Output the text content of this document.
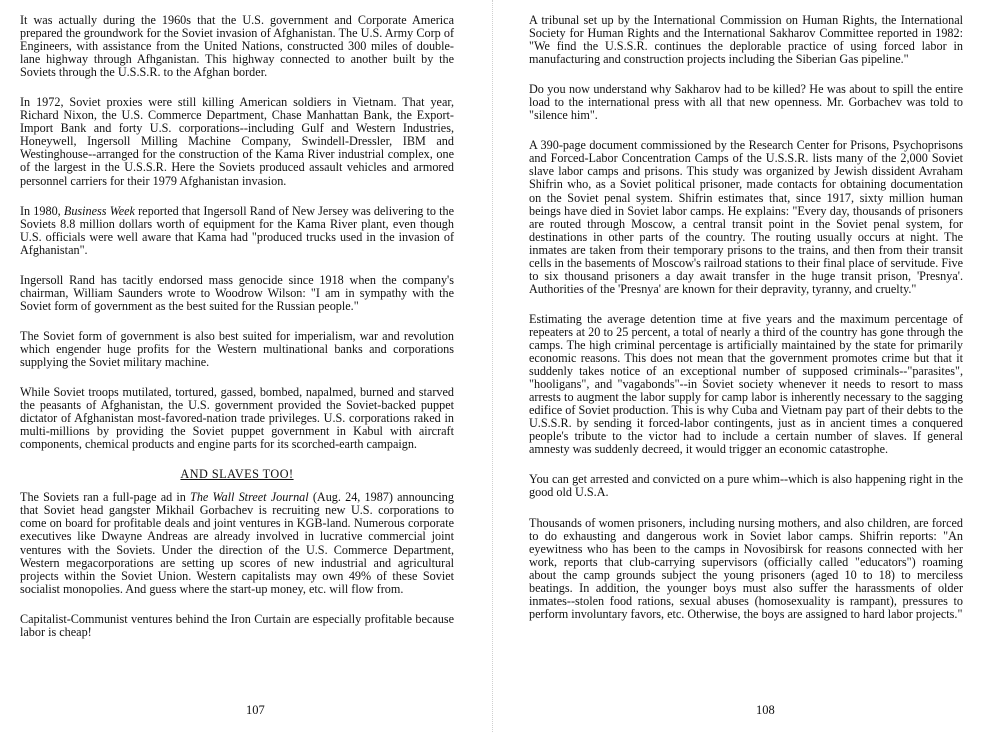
It was actually during the 1960s that the U.S. government and Corporate America prepared the groundwork for the Soviet invasion of Afghanistan. The U.S. Army Corp of Engineers, with assistance from the United Nations, constructed 300 miles of double-lane highway through Afhganistan. This highway connected to another built by the Soviets through the U.S.S.R. to the Afghan border.

In 1972, Soviet proxies were still killing American soldiers in Vietnam. That year, Richard Nixon, the U.S. Commerce Department, Chase Manhattan Bank, the Export-Import Bank and forty U.S. corporations--including Gulf and Western Industries, Honeywell, Ingersoll Milling Machine Company, Swindell-Dressler, IBM and Westinghouse--arranged for the construction of the Kama River industrial complex, one of the largest in the U.S.S.R. Here the Soviets produced assault vehicles and armored personnel carriers for their 1979 Afghanistan invasion.

In 1980, Business Week reported that Ingersoll Rand of New Jersey was delivering to the Soviets 8.8 million dollars worth of equipment for the Kama River plant, even though U.S. officials were well aware that Kama had "produced trucks used in the invasion of Afghanistan".

Ingersoll Rand has tacitly endorsed mass genocide since 1918 when the company's chairman, William Saunders wrote to Woodrow Wilson: "I am in sympathy with the Soviet form of government as the best suited for the Russian people."

The Soviet form of government is also best suited for imperialism, war and revolution which engender huge profits for the Western multinational banks and corporations supplying the Soviet military machine.

While Soviet troops mutilated, tortured, gassed, bombed, napalmed, burned and starved the peasants of Afghanistan, the U.S. government provided the Soviet-backed puppet dictator of Afghanistan most-favored-nation trade privileges. U.S. corporations raked in multi-millions by providing the Soviet puppet government in Kabul with aircraft components, chemical products and engine parts for its scorched-earth campaign.

AND SLAVES TOO!

The Soviets ran a full-page ad in The Wall Street Journal (Aug. 24, 1987) announcing that Soviet head gangster Mikhail Gorbachev is recruiting new U.S. corporations to come on board for profitable deals and joint ventures in KGB-land. Numerous corporate executives like Dwayne Andreas are already involved in lucrative commercial joint ventures with the Soviets. Under the direction of the U.S. Commerce Department, Western megacorporations are setting up scores of new industrial and agricultural projects within the Soviet Union. Western capitalists may own 49% of these Soviet socialist monopolies. And guess where the start-up money, etc. will flow from.

Capitalist-Communist ventures behind the Iron Curtain are especially profitable because labor is cheap!

107

A tribunal set up by the International Commission on Human Rights, the International Society for Human Rights and the International Sakharov Committee reported in 1982: "We find the U.S.S.R. continues the deplorable practice of using forced labor in manufacturing and construction projects including the Siberian Gas pipeline."

Do you now understand why Sakharov had to be killed? He was about to spill the entire load to the international press with all that new openness. Mr. Gorbachev was told to "silence him".

A 390-page document commissioned by the Research Center for Prisons, Psychoprisons and Forced-Labor Concentration Camps of the U.S.S.R. lists many of the 2,000 Soviet slave labor camps and prisons. This study was organized by Jewish dissident Avraham Shifrin who, as a Soviet political prisoner, made contacts for obtaining documentation on the Soviet penal system. Shifrin estimates that, since 1917, sixty million human beings have died in Soviet labor camps. He explains: "Every day, thousands of prisoners are routed through Moscow, a central transit point in the Soviet penal system, for destinations in other parts of the country. The routing usually occurs at night. The inmates are taken from their temporary prisons to the trains, and then from their transit cells in the basements of Moscow's railroad stations to their final place of servitude. Five to six thousand prisoners a day await transfer in the huge transit prison, 'Presnya'. Authorities of the 'Presnya' are known for their depravity, tyranny, and cruelty."

Estimating the average detention time at five years and the maximum percentage of repeaters at 20 to 25 percent, a total of nearly a third of the country has gone through the camps. The high criminal percentage is artificially maintained by the state for primarily economic reasons. This does not mean that the government promotes crime but that it suddenly takes notice of an exceptional number of supposed criminals--"parasites", "hooligans", and "vagabonds"--in Soviet society whenever it needs to resort to mass arrests to augment the labor supply for camp labor is inherently necessary to the sagging edifice of Soviet production. This is why Cuba and Vietnam pay part of their debts to the U.S.S.R. by sending it forced-labor contingents, just as in ancient times a conquered people's tribute to the victor had to include a certain number of slaves. If general amnesty was suddenly decreed, it would trigger an economic catastrophe.

You can get arrested and convicted on a pure whim--which is also happening right in the good old U.S.A.

Thousands of women prisoners, including nursing mothers, and also children, are forced to do exhausting and dangerous work in Soviet labor camps. Shifrin reports: "An eyewitness who has been to the camps in Novosibirsk for reasons connected with her work, reports that club-carrying supervisors (officially called "educators") roaming about the camp grounds subject the young prisoners (aged 10 to 18) to merciless beatings. In addition, the younger boys must also suffer the harassments of older inmates--stolen food rations, sexual abuses (homosexuality is rampant), pressures to perform involuntary favors, etc. Otherwise, the boys are assigned to hard labor projects."

108
